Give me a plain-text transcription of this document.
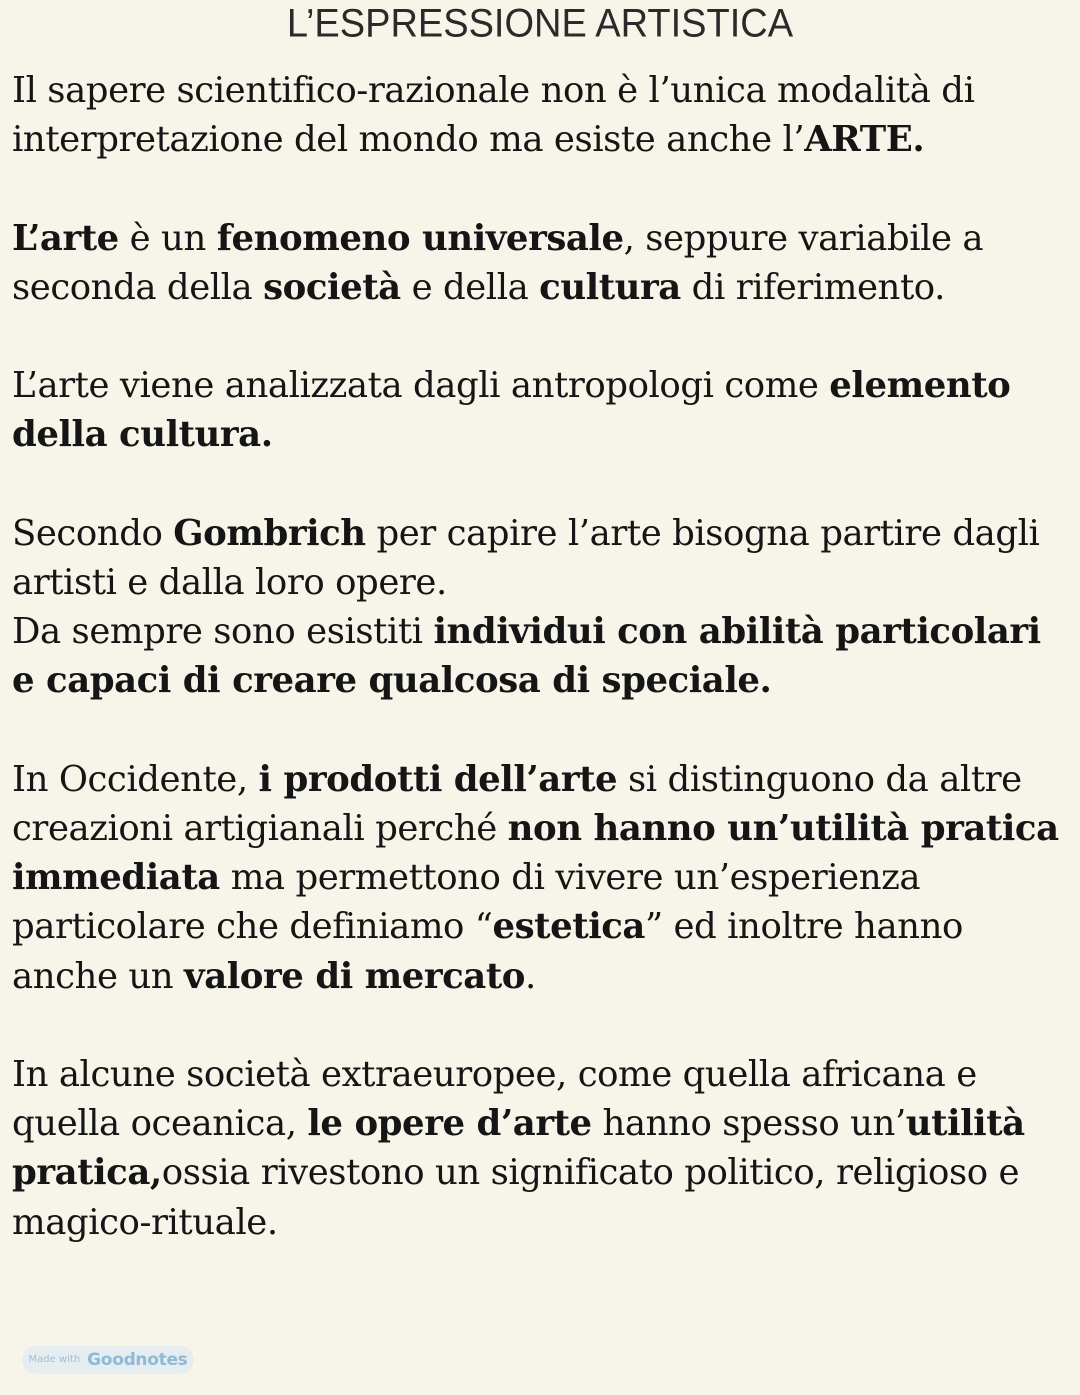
L’ESPRESSIONE ARTISTICA

Il sapere scientifico-razionale non è l’unica modalità di interpretazione del mondo ma esiste anche l’ARTE.

L’arte è un fenomeno universale, seppure variabile a seconda della società e della cultura di riferimento.

L’arte viene analizzata dagli antropologi come elemento della cultura.

Secondo Gombrich per capire l’arte bisogna partire dagli artisti e dalla loro opere.
Da sempre sono esistiti individui con abilità particolari e capaci di creare qualcosa di speciale.

In Occidente, i prodotti dell’arte si distinguono da altre creazioni artigianali perché non hanno un’utilità pratica immediata ma permettono di vivere un’esperienza particolare che definiamo “estetica” ed inoltre hanno anche un valore di mercato.

In alcune società extraeuropee, come quella africana e quella oceanica, le opere d’arte hanno spesso un’utilità pratica,ossia rivestono un significato politico, religioso e magico-rituale.

Made with Goodnotes
